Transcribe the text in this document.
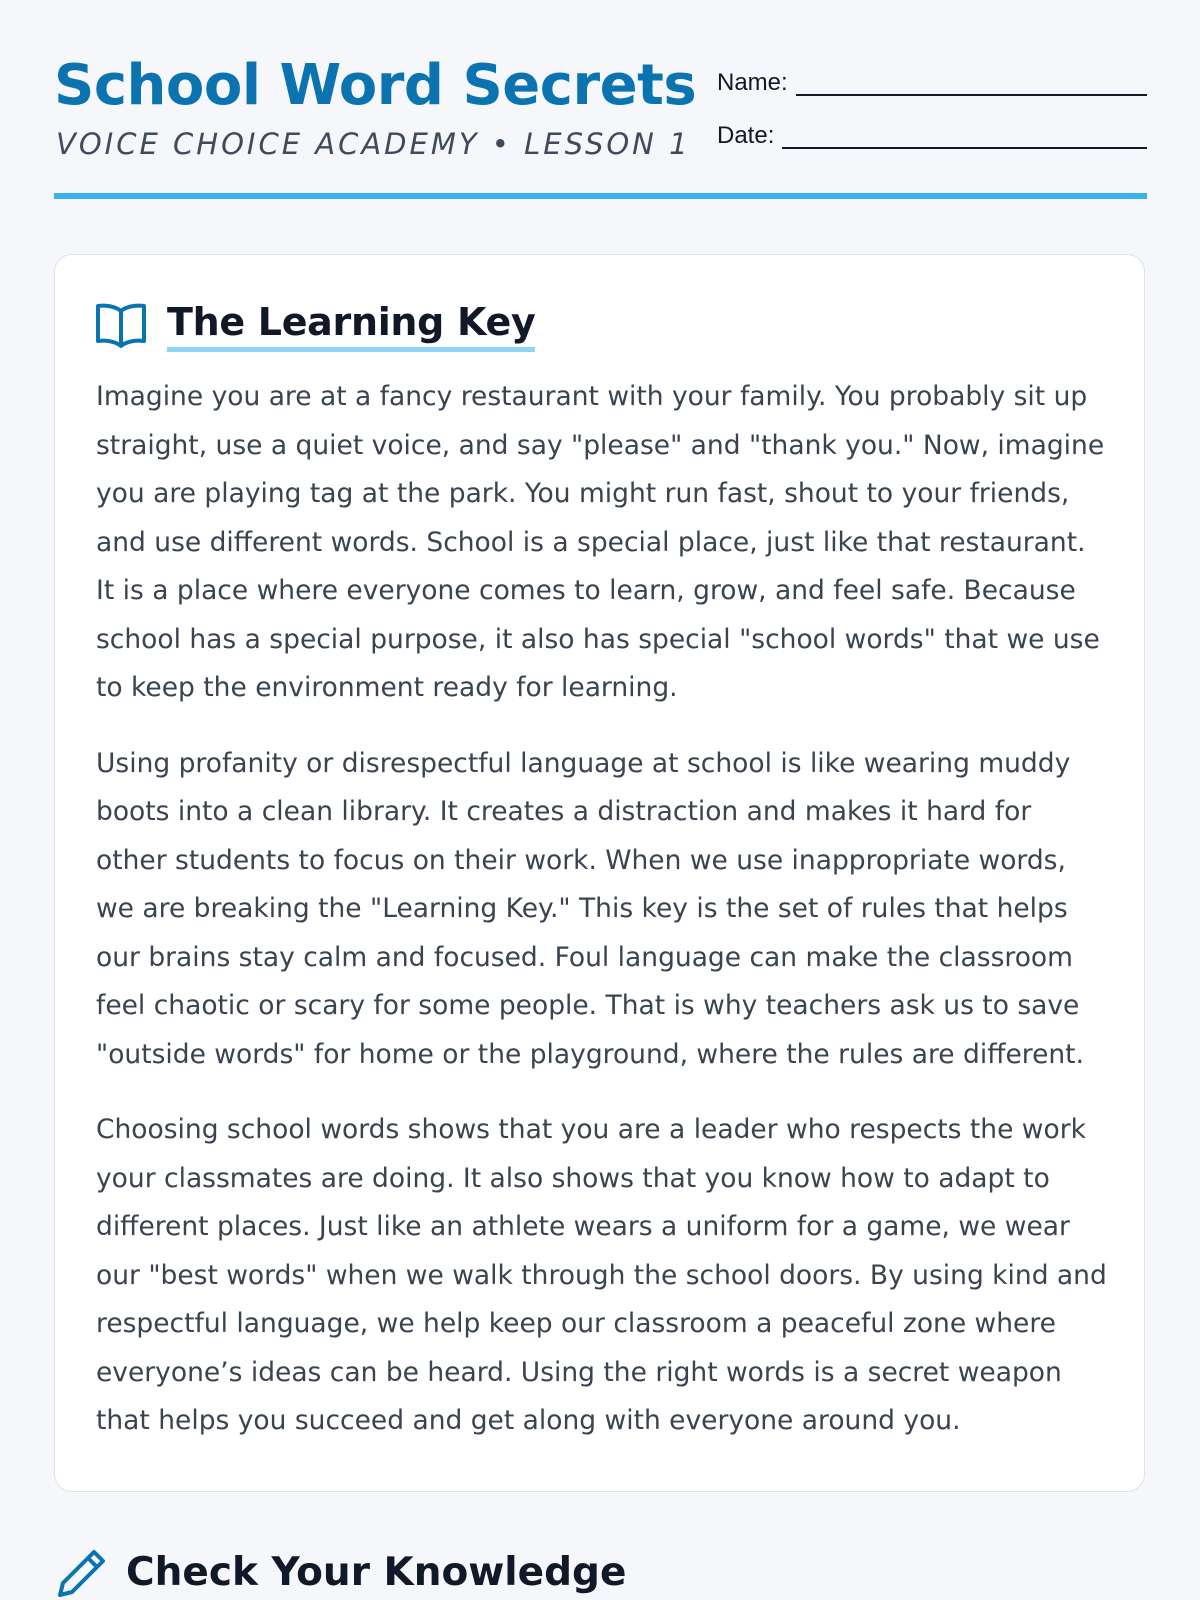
School Word Secrets
VOICE CHOICE ACADEMY • LESSON 1
Name:
Date:
The Learning Key

Imagine you are at a fancy restaurant with your family. You probably sit up straight, use a quiet voice, and say "please" and "thank you." Now, imagine you are playing tag at the park. You might run fast, shout to your friends, and use different words. School is a special place, just like that restaurant. It is a place where everyone comes to learn, grow, and feel safe. Because school has a special purpose, it also has special "school words" that we use to keep the environment ready for learning.

Using profanity or disrespectful language at school is like wearing muddy boots into a clean library. It creates a distraction and makes it hard for other students to focus on their work. When we use inappropriate words, we are breaking the "Learning Key." This key is the set of rules that helps our brains stay calm and focused. Foul language can make the classroom feel chaotic or scary for some people. That is why teachers ask us to save "outside words" for home or the playground, where the rules are different.

Choosing school words shows that you are a leader who respects the work your classmates are doing. It also shows that you know how to adapt to different places. Just like an athlete wears a uniform for a game, we wear our "best words" when we walk through the school doors. By using kind and respectful language, we help keep our classroom a peaceful zone where everyone’s ideas can be heard. Using the right words is a secret weapon that helps you succeed and get along with everyone around you.

Check Your Knowledge
